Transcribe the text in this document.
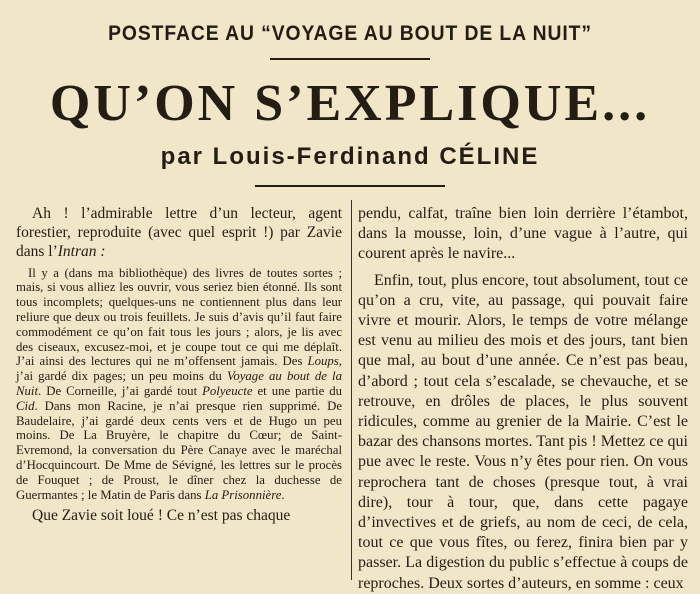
POSTFACE AU “VOYAGE AU BOUT DE LA NUIT”
QU’ON S’EXPLIQUE...
par Louis-Ferdinand CÉLINE

Ah ! l’admirable lettre d’un lecteur, agent forestier, reproduite (avec quel esprit !) par Zavie dans l’Intran :

Il y a (dans ma bibliothèque) des livres de toutes sortes ; mais, si vous alliez les ouvrir, vous seriez bien étonné. Ils sont tous incomplets; quelques-uns ne contiennent plus dans leur reliure que deux ou trois feuillets. Je suis d’avis qu’il faut faire commodément ce qu’on fait tous les jours ; alors, je lis avec des ciseaux, excusez-moi, et je coupe tout ce qui me déplaît. J’ai ainsi des lectures qui ne m’offensent jamais. Des Loups, j’ai gardé dix pages; un peu moins du Voyage au bout de la Nuit. De Corneille, j’ai gardé tout Polyeucte et une partie du Cid. Dans mon Racine, je n’ai presque rien supprimé. De Baudelaire, j’ai gardé deux cents vers et de Hugo un peu moins. De La Bruyère, le chapitre du Cœur; de Saint-Evremond, la conversation du Père Canaye avec le maréchal d’Hocquincourt. De Mme de Sévigné, les lettres sur le procès de Fouquet ; de Proust, le dîner chez la duchesse de Guermantes ; le Matin de Paris dans La Prisonnière.

Que Zavie soit loué ! Ce n’est pas chaque

pendu, calfat, traîne bien loin derrière l’étambot, dans la mousse, loin, d’une vague à l’autre, qui courent après le navire...

Enfin, tout, plus encore, tout absolument, tout ce qu’on a cru, vite, au passage, qui pouvait faire vivre et mourir. Alors, le temps de votre mélange est venu au milieu des mois et des jours, tant bien que mal, au bout d’une année. Ce n’est pas beau, d’abord ; tout cela s’escalade, se chevauche, et se retrouve, en drôles de places, le plus souvent ridicules, comme au grenier de la Mairie. C’est le bazar des chansons mortes. Tant pis ! Mettez ce qui pue avec le reste. Vous n’y êtes pour rien. On vous reprochera tant de choses (presque tout, à vrai dire), tour à tour, que, dans cette pagaye d’invectives et de griefs, au nom de ceci, de cela, tout ce que vous fîtes, ou ferez, finira bien par y passer. La digestion du public s’effectue à coups de reproches. Deux sortes d’auteurs, en somme : ceux
